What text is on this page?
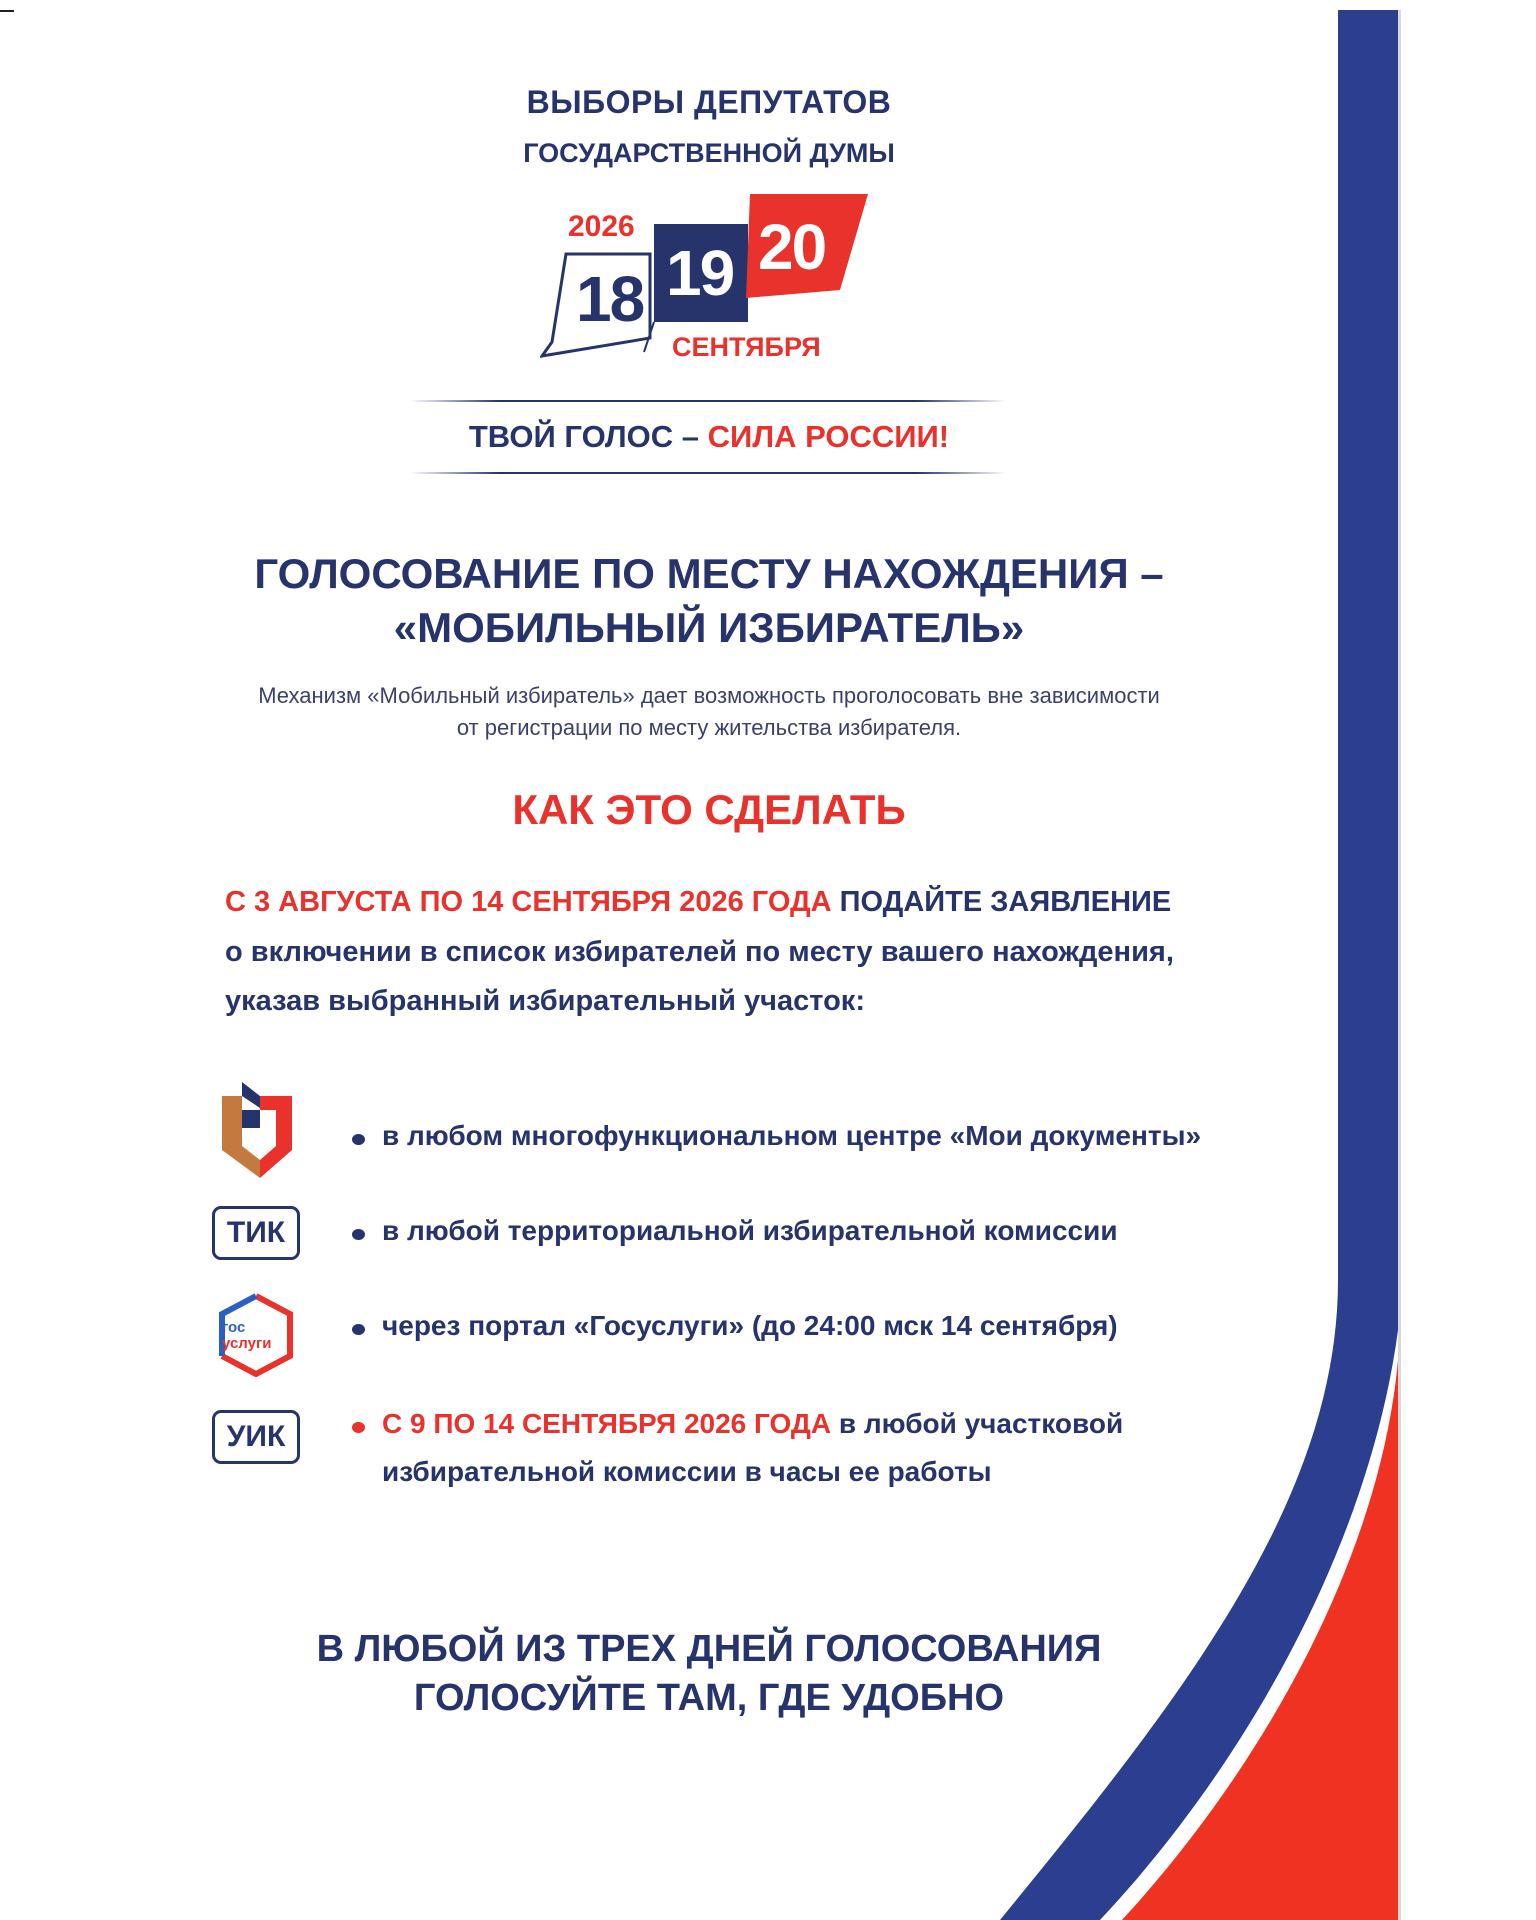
ВЫБОРЫ ДЕПУТАТОВ
ГОСУДАРСТВЕННОЙ ДУМЫ
2026
18 19 20
СЕНТЯБРЯ
ТВОЙ ГОЛОС – СИЛА РОССИИ!
ГОЛОСОВАНИЕ ПО МЕСТУ НАХОЖДЕНИЯ –
«МОБИЛЬНЫЙ ИЗБИРАТЕЛЬ»
Механизм «Мобильный избиратель» дает возможность проголосовать вне зависимости
от регистрации по месту жительства избирателя.
КАК ЭТО СДЕЛАТЬ
С 3 АВГУСТА ПО 14 СЕНТЯБРЯ 2026 ГОДА ПОДАЙТЕ ЗАЯВЛЕНИЕ
о включении в список избирателей по месту вашего нахождения,
указав выбранный избирательный участок:
в любом многофункциональном центре «Мои документы»
ТИК	в любой территориальной избирательной комиссии
гос
услуги
через портал «Госуслуги» (до 24:00 мск 14 сентября)
УИК	С 9 ПО 14 СЕНТЯБРЯ 2026 ГОДА в любой участковой
избирательной комиссии в часы ее работы
В ЛЮБОЙ ИЗ ТРЕХ ДНЕЙ ГОЛОСОВАНИЯ
ГОЛОСУЙТЕ ТАМ, ГДЕ УДОБНО
